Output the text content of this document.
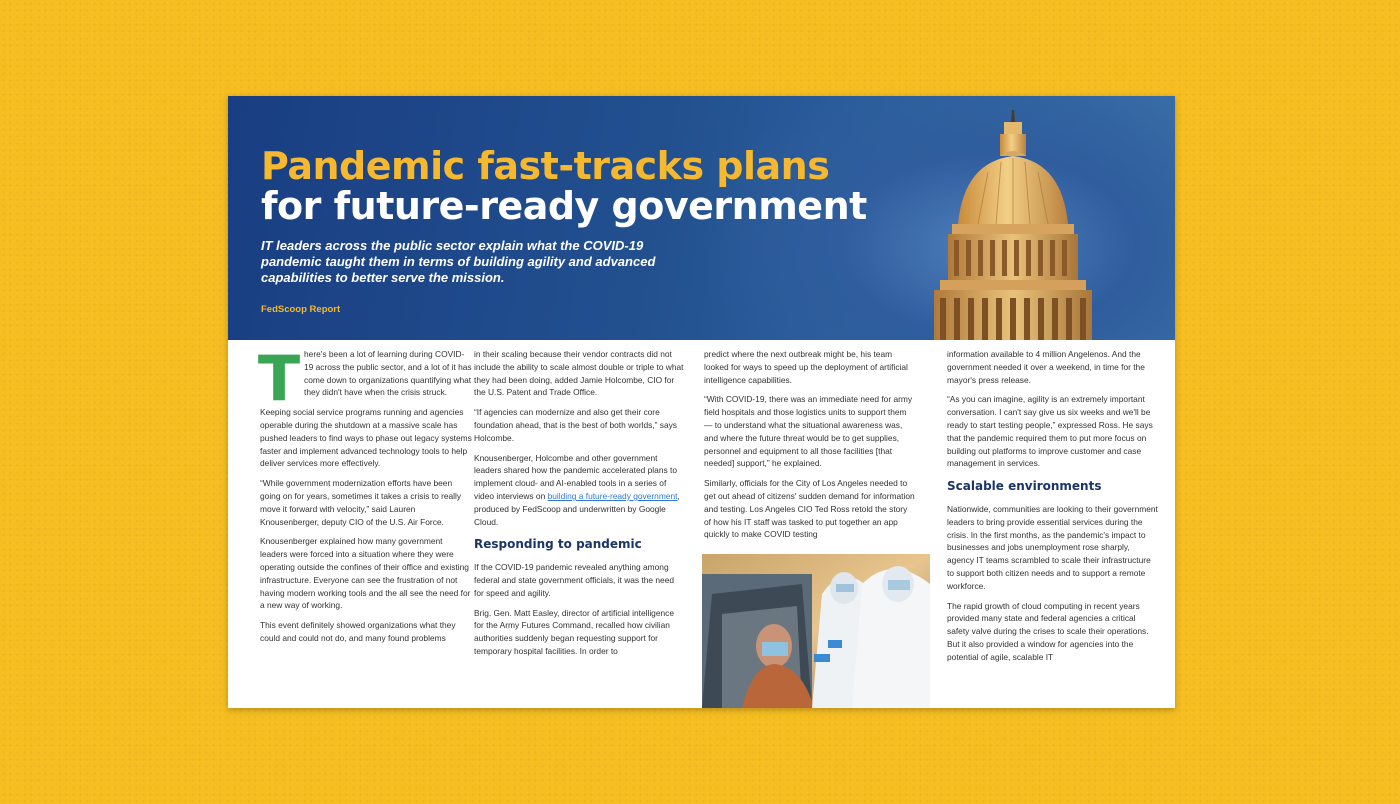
Pandemic fast-tracks plans
for future-ready government
IT leaders across the public sector explain what the COVID-19 pandemic taught them in terms of building agility and advanced capabilities to better serve the mission.
FedScoop Report
T here's been a lot of learning during COVID-19 across the public sector, and a lot of it has come down to organizations quantifying what they didn't have when the crisis struck.

Keeping social service programs running and agencies operable during the shutdown at a massive scale has pushed leaders to find ways to phase out legacy systems faster and implement advanced technology tools to help deliver services more effectively.

“While government modernization efforts have been going on for years, sometimes it takes a crisis to really move it forward with velocity,” said Lauren Knousenberger, deputy CIO of the U.S. Air Force.

Knousenberger explained how many government leaders were forced into a situation where they were operating outside the confines of their office and existing infrastructure. Everyone can see the frustration of not having modern working tools and the all see the need for a new way of working.

This event definitely showed organizations what they could and could not do, and many found problems

in their scaling because their vendor contracts did not include the ability to scale almost double or triple to what they had been doing, added Jamie Holcombe, CIO for the U.S. Patent and Trade Office.

“If agencies can modernize and also get their core foundation ahead, that is the best of both worlds,” says Holcombe.

Knousenberger, Holcombe and other government leaders shared how the pandemic accelerated plans to implement cloud- and AI-enabled tools in a series of video interviews on building a future-ready government, produced by FedScoop and underwritten by Google Cloud.

Responding to pandemic

If the COVID-19 pandemic revealed anything among federal and state government officials, it was the need for speed and agility.

Brig. Gen. Matt Easley, director of artificial intelligence for the Army Futures Command, recalled how civilian authorities suddenly began requesting support for temporary hospital facilities. In order to

predict where the next outbreak might be, his team looked for ways to speed up the deployment of artificial intelligence capabilities.

“With COVID-19, there was an immediate need for army field hospitals and those logistics units to support them — to understand what the situational awareness was, and where the future threat would be to get supplies, personnel and equipment to all those facilities [that needed] support,” he explained.

Similarly, officials for the City of Los Angeles needed to get out ahead of citizens' sudden demand for information and testing. Los Angeles CIO Ted Ross retold the story of how his IT staff was tasked to put together an app quickly to make COVID testing

information available to 4 million Angelenos. And the government needed it over a weekend, in time for the mayor's press release.

“As you can imagine, agility is an extremely important conversation. I can't say give us six weeks and we'll be ready to start testing people,” expressed Ross. He says that the pandemic required them to put more focus on building out platforms to improve customer and case management in services.

Scalable environments

Nationwide, communities are looking to their government leaders to bring provide essential services during the crisis. In the first months, as the pandemic's impact to businesses and jobs unemployment rose sharply, agency IT teams scrambled to scale their infrastructure to support both citizen needs and to support a remote workforce.

The rapid growth of cloud computing in recent years provided many state and federal agencies a critical safety valve during the crises to scale their operations. But it also provided a window for agencies into the potential of agile, scalable IT
